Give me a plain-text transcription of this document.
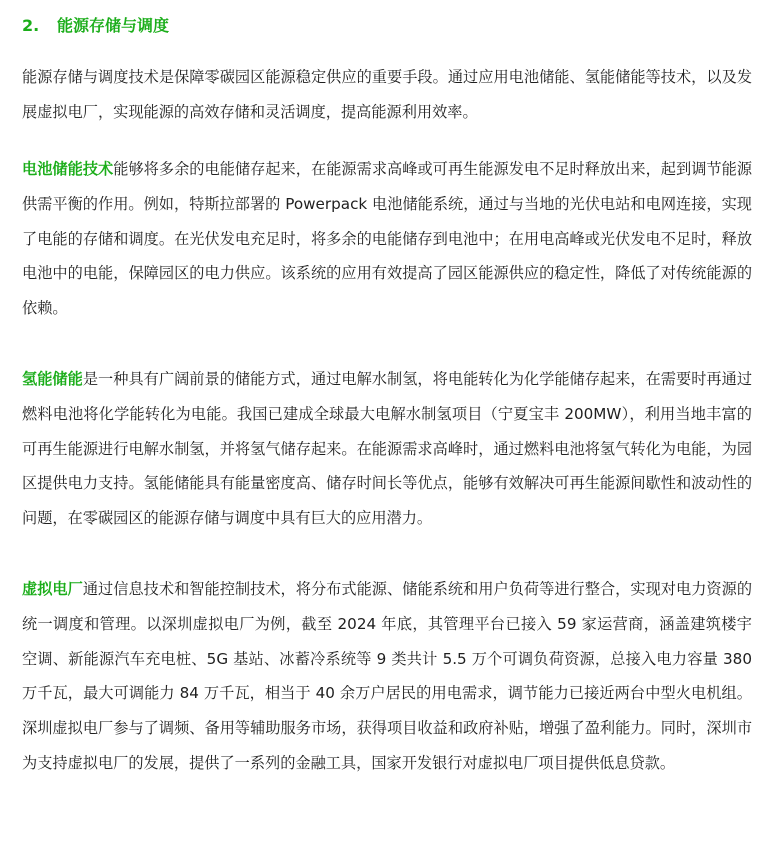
2. 能源存储与调度

能源存储与调度技术是保障零碳园区能源稳定供应的重要手段。通过应用电池储能、氢能储能等技术，以及发展虚拟电厂，实现能源的高效存储和灵活调度，提高能源利用效率。

电池储能技术能够将多余的电能储存起来，在能源需求高峰或可再生能源发电不足时释放出来，起到调节能源供需平衡的作用。例如，特斯拉部署的 Powerpack 电池储能系统，通过与当地的光伏电站和电网连接，实现了电能的存储和调度。在光伏发电充足时，将多余的电能储存到电池中；在用电高峰或光伏发电不足时，释放电池中的电能，保障园区的电力供应。该系统的应用有效提高了园区能源供应的稳定性，降低了对传统能源的依赖。

氢能储能是一种具有广阔前景的储能方式，通过电解水制氢，将电能转化为化学能储存起来，在需要时再通过燃料电池将化学能转化为电能。我国已建成全球最大电解水制氢项目（宁夏宝丰 200MW），利用当地丰富的可再生能源进行电解水制氢，并将氢气储存起来。在能源需求高峰时，通过燃料电池将氢气转化为电能，为园区提供电力支持。氢能储能具有能量密度高、储存时间长等优点，能够有效解决可再生能源间歇性和波动性的问题，在零碳园区的能源存储与调度中具有巨大的应用潜力。

虚拟电厂通过信息技术和智能控制技术，将分布式能源、储能系统和用户负荷等进行整合，实现对电力资源的统一调度和管理。以深圳虚拟电厂为例，截至 2024 年底，其管理平台已接入 59 家运营商，涵盖建筑楼宇空调、新能源汽车充电桩、5G 基站、冰蓄冷系统等 9 类共计 5.5 万个可调负荷资源，总接入电力容量 380 万千瓦，最大可调能力 84 万千瓦，相当于 40 余万户居民的用电需求，调节能力已接近两台中型火电机组。深圳虚拟电厂参与了调频、备用等辅助服务市场，获得项目收益和政府补贴，增强了盈利能力。同时，深圳市为支持虚拟电厂的发展，提供了一系列的金融工具，国家开发银行对虚拟电厂项目提供低息贷款。
